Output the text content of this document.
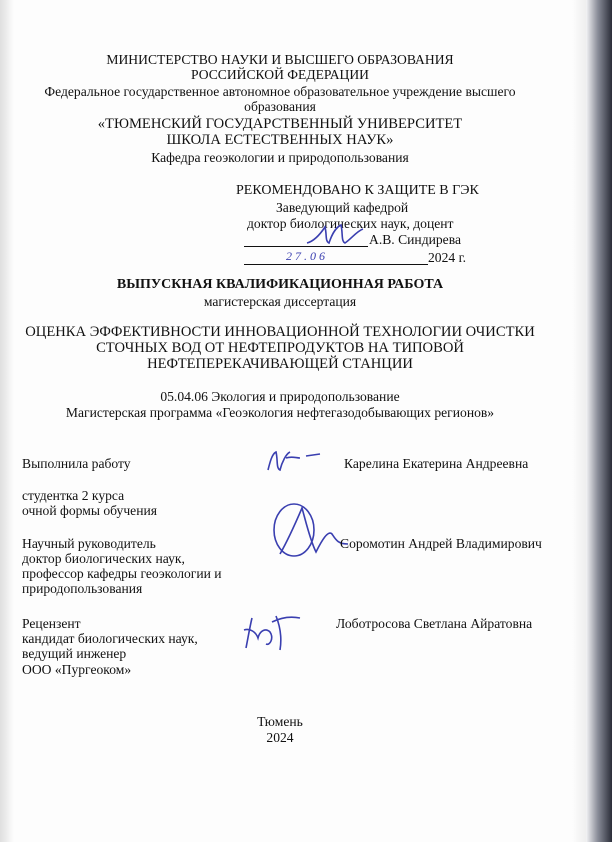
МИНИСТЕРСТВО НАУКИ И ВЫСШЕГО ОБРАЗОВАНИЯ
РОССИЙСКОЙ ФЕДЕРАЦИИ
Федеральное государственное автономное образовательное учреждение высшего
образования
«ТЮМЕНСКИЙ ГОСУДАРСТВЕННЫЙ УНИВЕРСИТЕТ
ШКОЛА ЕСТЕСТВЕННЫХ НАУК»
Кафедра геоэкологии и природопользования
РЕКОМЕНДОВАНО К ЗАЩИТЕ В ГЭК
Заведующий кафедрой
доктор биологических наук, доцент
А.В. Синдирева
27.06	2024 г.
ВЫПУСКНАЯ КВАЛИФИКАЦИОННАЯ РАБОТА
магистерская диссертация
ОЦЕНКА ЭФФЕКТИВНОСТИ ИННОВАЦИОННОЙ ТЕХНОЛОГИИ ОЧИСТКИ
СТОЧНЫХ ВОД ОТ НЕФТЕПРОДУКТОВ НА ТИПОВОЙ
НЕФТЕПЕРЕКАЧИВАЮЩЕЙ СТАНЦИИ
05.04.06 Экология и природопользование
Магистерская программа «Геоэкология нефтегазодобывающих регионов»
Выполнила работу	Карелина Екатерина Андреевна
студентка 2 курса
очной формы обучения
Научный руководитель
доктор биологических наук,
профессор кафедры геоэкологии и
природопользования
Соромотин Андрей Владимирович
Рецензент
кандидат биологических наук,
ведущий инженер
ООО «Пургеоком»
Лоботросова Светлана Айратовна
Тюмень
2024
